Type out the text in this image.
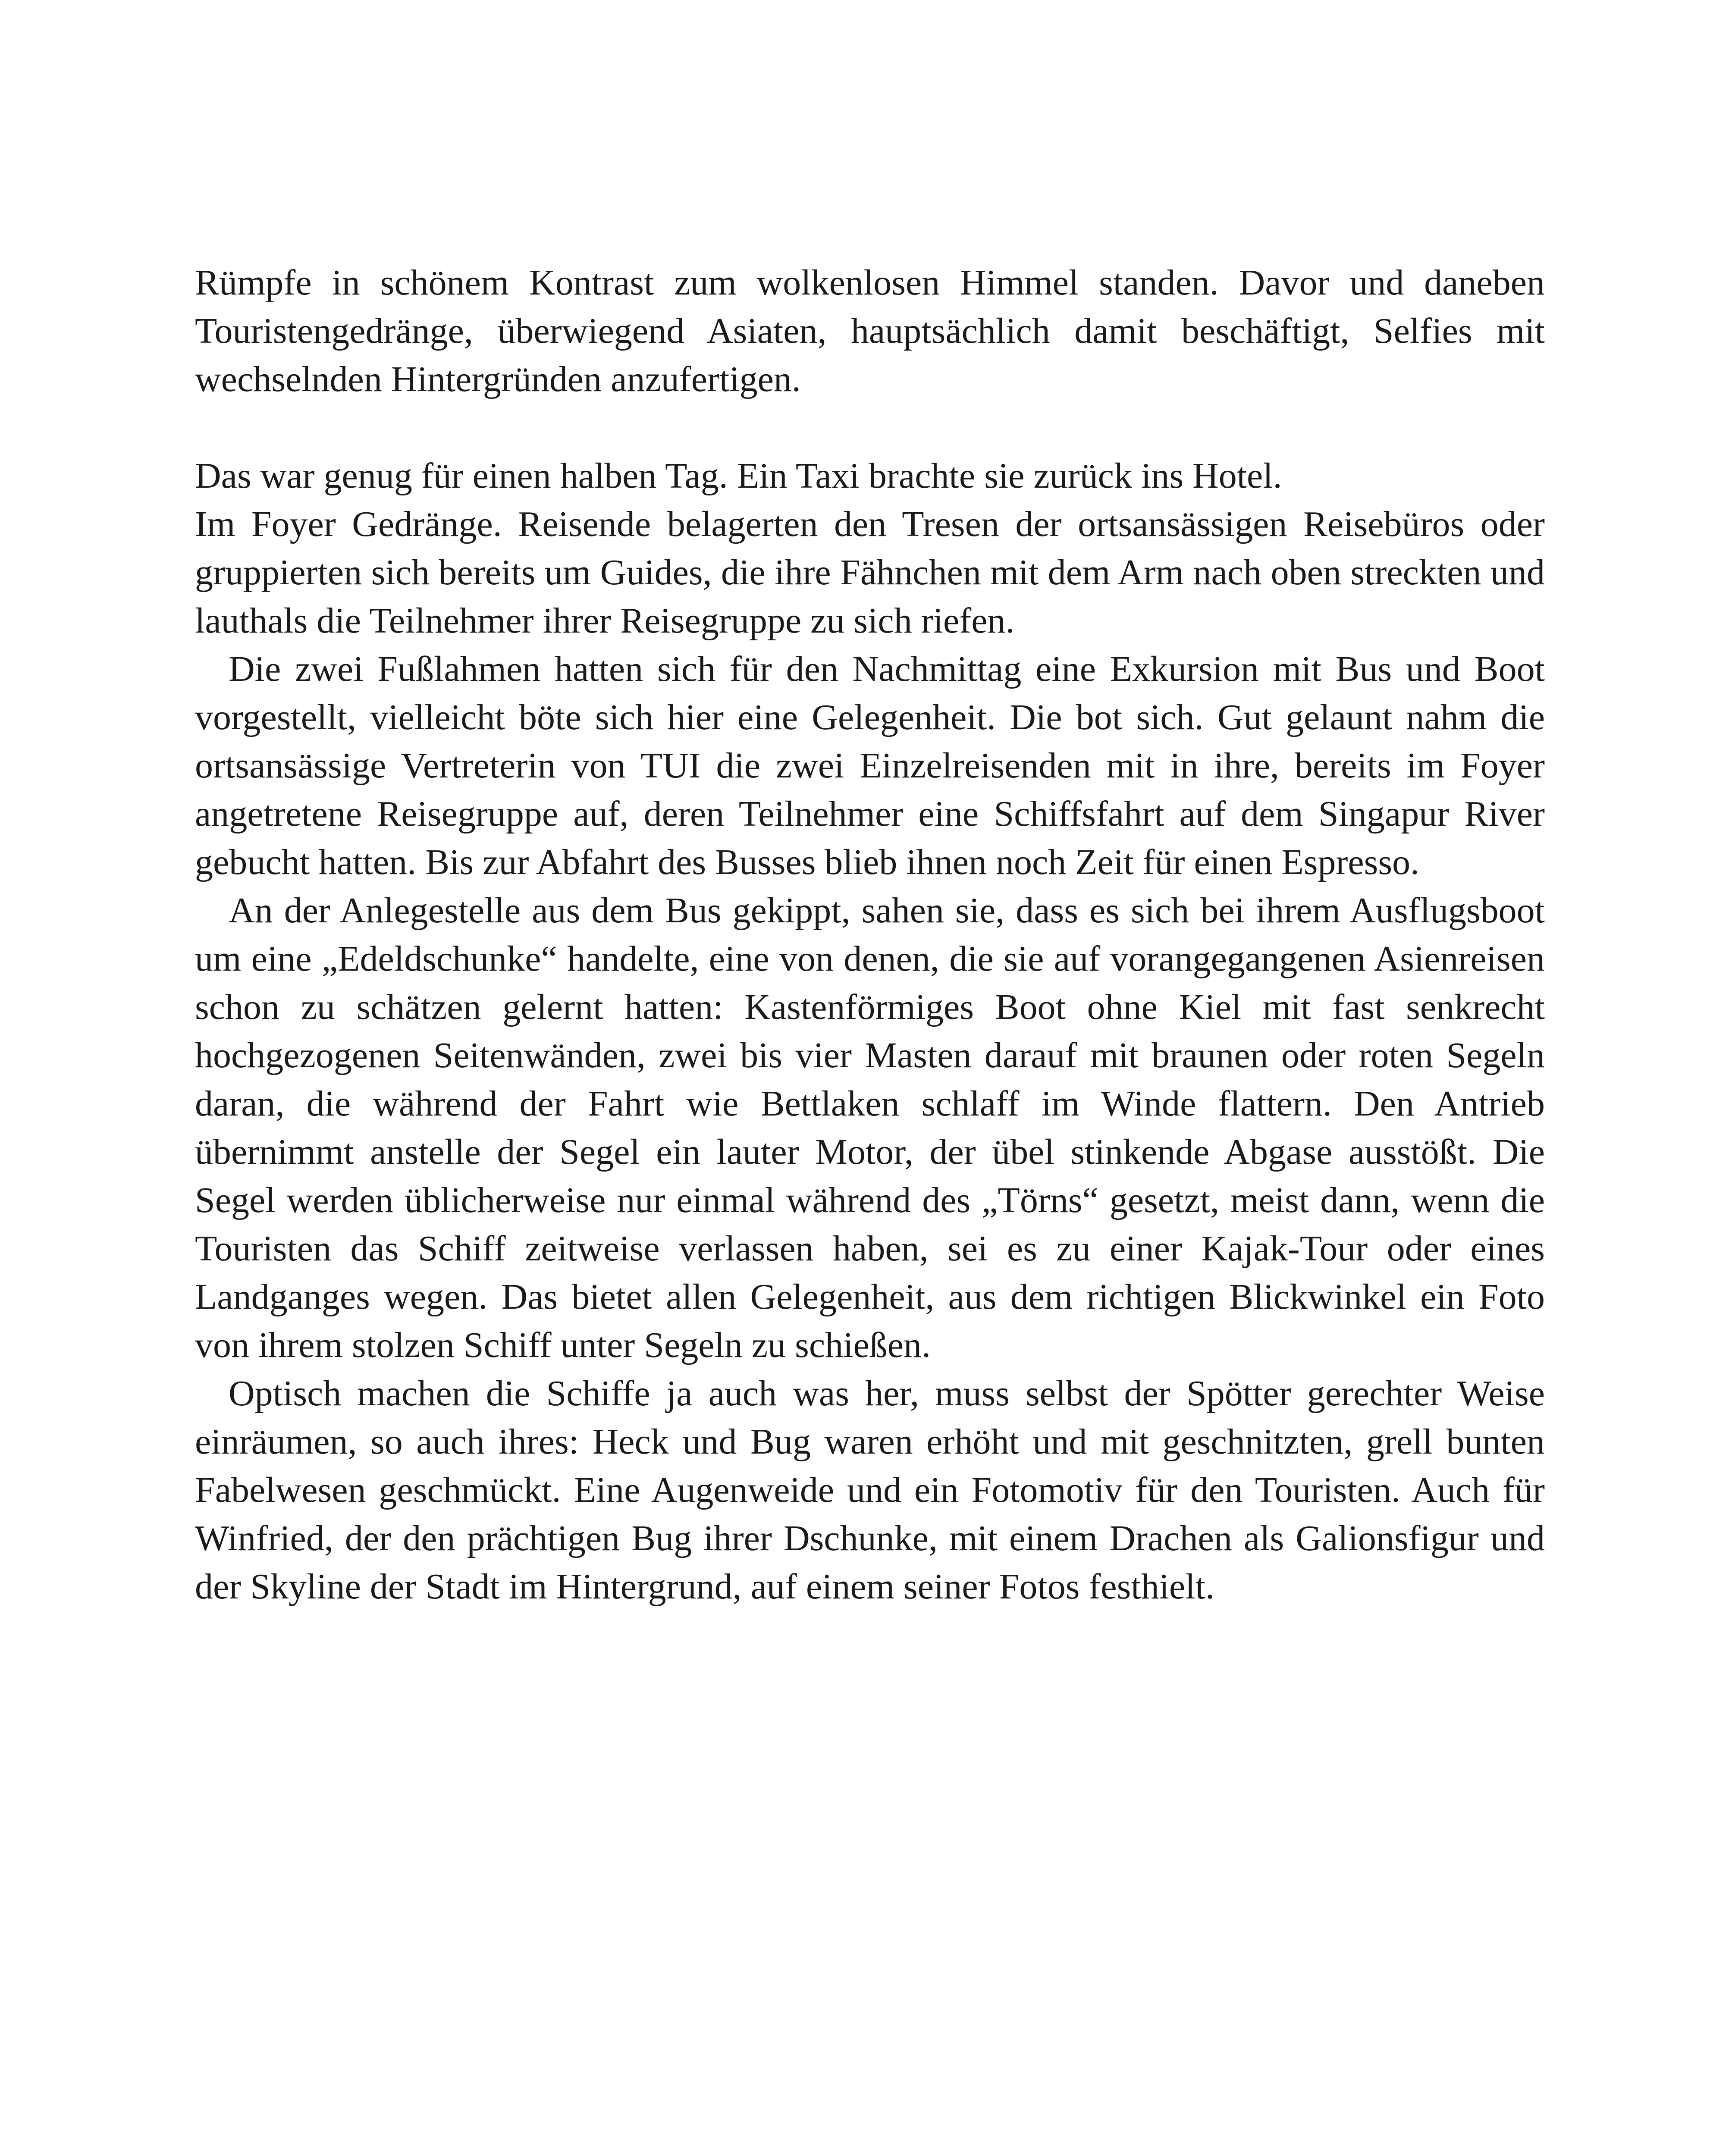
Rümpfe in schönem Kontrast zum wolkenlosen Himmel standen. Davor und daneben Touristengedränge, überwiegend Asiaten, hauptsächlich damit beschäftigt, Selfies mit wechselnden Hintergründen anzufertigen.

Das war genug für einen halben Tag. Ein Taxi brachte sie zurück ins Hotel.

Im Foyer Gedränge. Reisende belagerten den Tresen der ortsansässigen Reisebüros oder gruppierten sich bereits um Guides, die ihre Fähnchen mit dem Arm nach oben streckten und lauthals die Teilnehmer ihrer Reisegruppe zu sich riefen.

Die zwei Fußlahmen hatten sich für den Nachmittag eine Exkursion mit Bus und Boot vorgestellt, vielleicht böte sich hier eine Gelegenheit. Die bot sich. Gut gelaunt nahm die ortsansässige Vertreterin von TUI die zwei Einzelreisenden mit in ihre, bereits im Foyer angetretene Reisegruppe auf, deren Teilnehmer eine Schiffsfahrt auf dem Singapur River gebucht hatten. Bis zur Abfahrt des Busses blieb ihnen noch Zeit für einen Espresso.

An der Anlegestelle aus dem Bus gekippt, sahen sie, dass es sich bei ihrem Ausflugsboot um eine „Edeldschunke“ handelte, eine von denen, die sie auf vorangegangenen Asienreisen schon zu schätzen gelernt hatten: Kastenförmiges Boot ohne Kiel mit fast senkrecht hochgezogenen Seitenwänden, zwei bis vier Masten darauf mit braunen oder roten Segeln daran, die während der Fahrt wie Bettlaken schlaff im Winde flattern. Den Antrieb übernimmt anstelle der Segel ein lauter Motor, der übel stinkende Abgase ausstößt. Die Segel werden üblicherweise nur einmal während des „Törns“ gesetzt, meist dann, wenn die Touristen das Schiff zeitweise verlassen haben, sei es zu einer Kajak-Tour oder eines Landganges wegen. Das bietet allen Gelegenheit, aus dem richtigen Blickwinkel ein Foto von ihrem stolzen Schiff unter Segeln zu schießen.

Optisch machen die Schiffe ja auch was her, muss selbst der Spötter gerechter Weise einräumen, so auch ihres: Heck und Bug waren erhöht und mit geschnitzten, grell bunten Fabelwesen geschmückt. Eine Augenweide und ein Fotomotiv für den Touristen. Auch für Winfried, der den prächtigen Bug ihrer Dschunke, mit einem Drachen als Galionsfigur und der Skyline der Stadt im Hintergrund, auf einem seiner Fotos festhielt.
